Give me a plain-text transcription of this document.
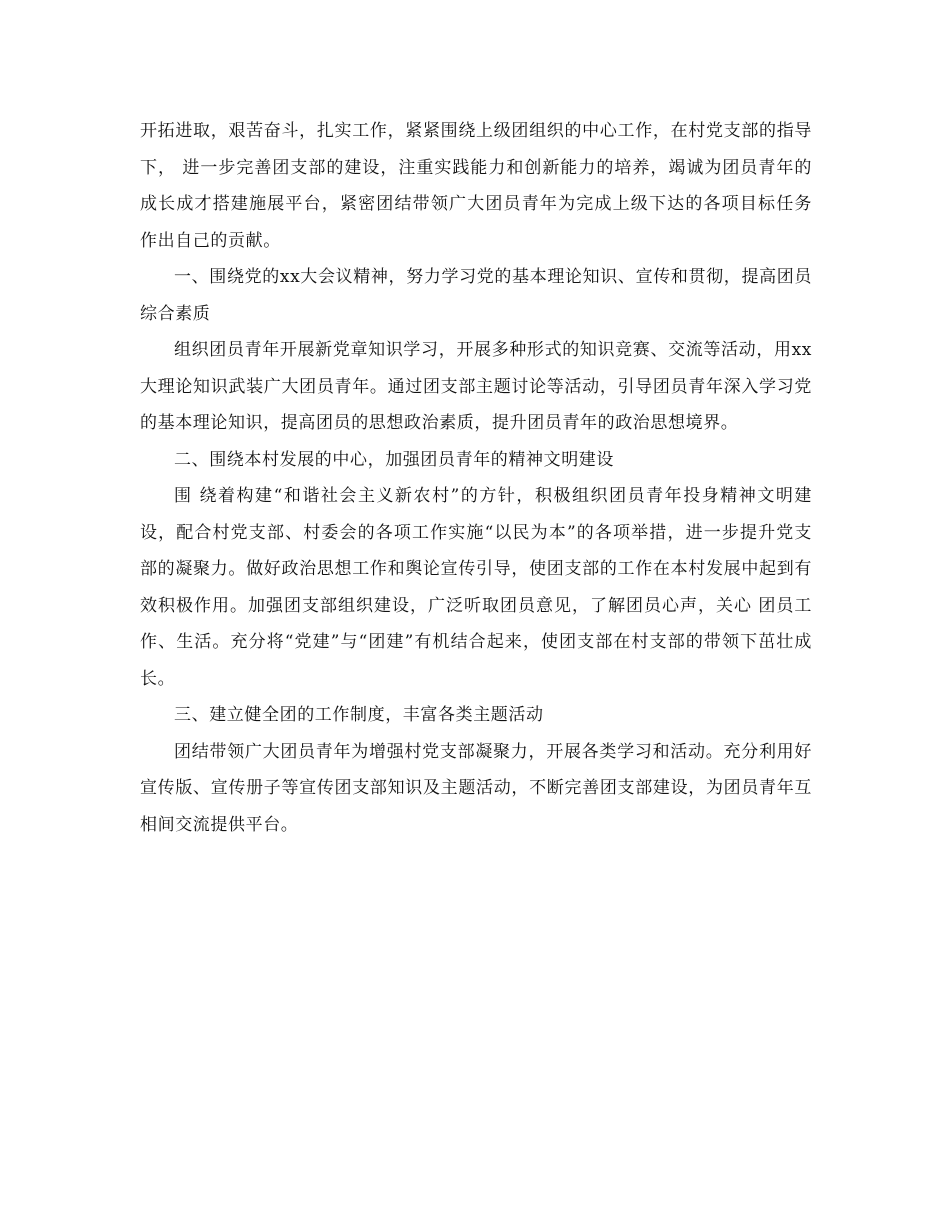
开拓进取，艰苦奋斗，扎实工作，紧紧围绕上级团组织的中心工作，在村党支部的指导下， 进一步完善团支部的建设，注重实践能力和创新能力的培养，竭诚为团员青年的成长成才搭建施展平台，紧密团结带领广大团员青年为完成上级下达的各项目标任务 作出自己的贡献。

一、围绕党的xx大会议精神，努力学习党的基本理论知识、宣传和贯彻，提高团员综合素质

组织团员青年开展新党章知识学习，开展多种形式的知识竞赛、交流等活动，用xx大理论知识武装广大团员青年。通过团支部主题讨论等活动，引导团员青年深入学习党的基本理论知识，提高团员的思想政治素质，提升团员青年的政治思想境界。

二、围绕本村发展的中心，加强团员青年的精神文明建设

围 绕着构建“和谐社会主义新农村”的方针，积极组织团员青年投身精神文明建设，配合村党支部、村委会的各项工作实施“以民为本”的各项举措，进一步提升党支 部的凝聚力。做好政治思想工作和舆论宣传引导，使团支部的工作在本村发展中起到有效积极作用。加强团支部组织建设，广泛听取团员意见，了解团员心声，关心 团员工作、生活。充分将“党建”与“团建”有机结合起来，使团支部在村支部的带领下茁壮成长。

三、建立健全团的工作制度，丰富各类主题活动

团结带领广大团员青年为增强村党支部凝聚力，开展各类学习和活动。充分利用好宣传版、宣传册子等宣传团支部知识及主题活动，不断完善团支部建设，为团员青年互相间交流提供平台。
